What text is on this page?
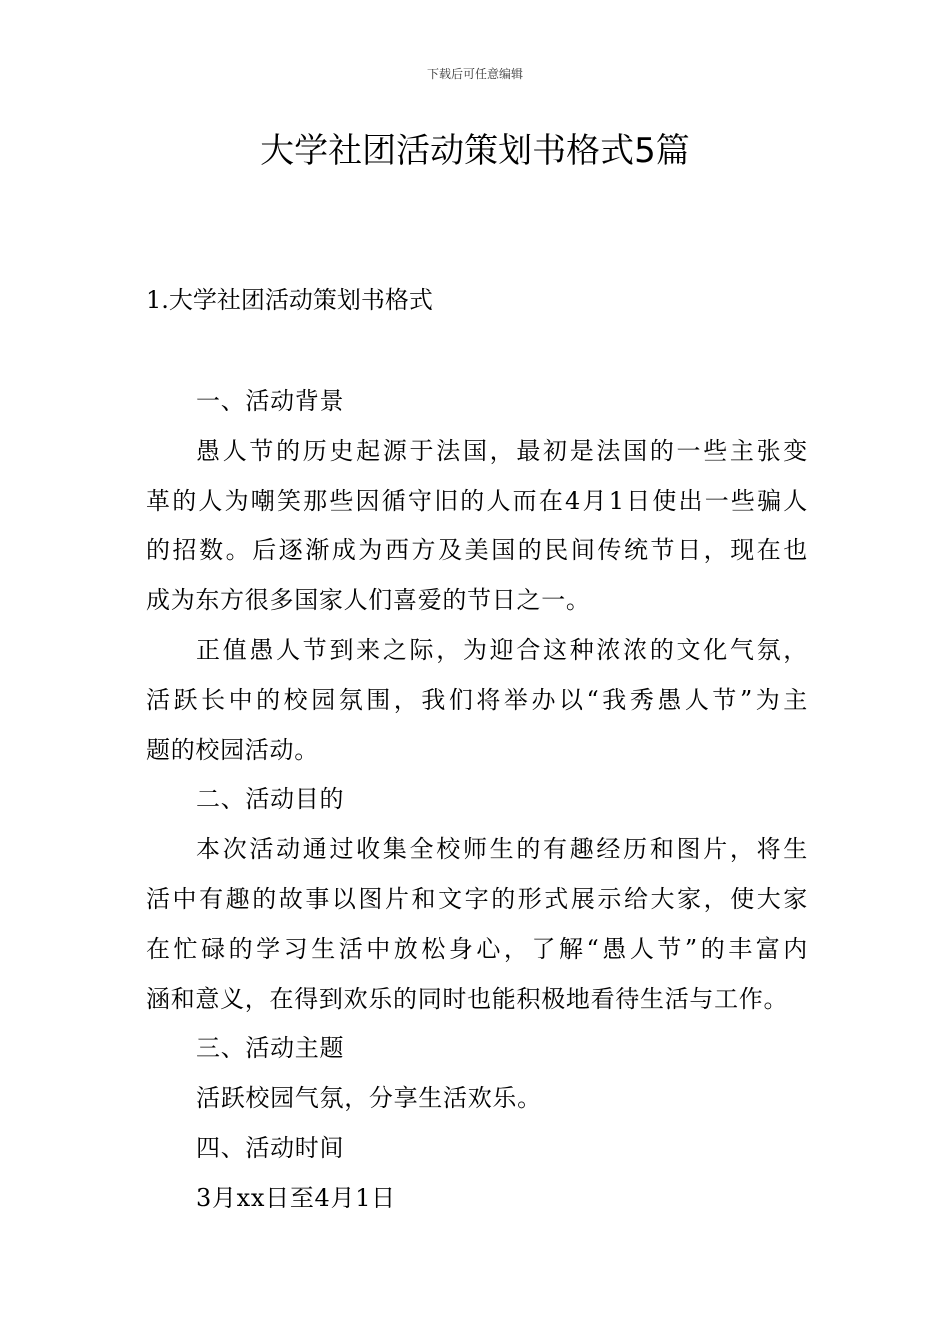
下载后可任意编辑
大学社团活动策划书格式5篇
1.大学社团活动策划书格式
一、活动背景
愚人节的历史起源于法国，最初是法国的一些主张变
革的人为嘲笑那些因循守旧的人而在4月1日使出一些骗人
的招数。后逐渐成为西方及美国的民间传统节日，现在也
成为东方很多国家人们喜爱的节日之一。
正值愚人节到来之际，为迎合这种浓浓的文化气氛，
活跃长中的校园氛围，我们将举办以“我秀愚人节”为主
题的校园活动。
二、活动目的
本次活动通过收集全校师生的有趣经历和图片，将生
活中有趣的故事以图片和文字的形式展示给大家，使大家
在忙碌的学习生活中放松身心，了解“愚人节”的丰富内
涵和意义，在得到欢乐的同时也能积极地看待生活与工作。
三、活动主题
活跃校园气氛，分享生活欢乐。
四、活动时间
3月xx日至4月1日
